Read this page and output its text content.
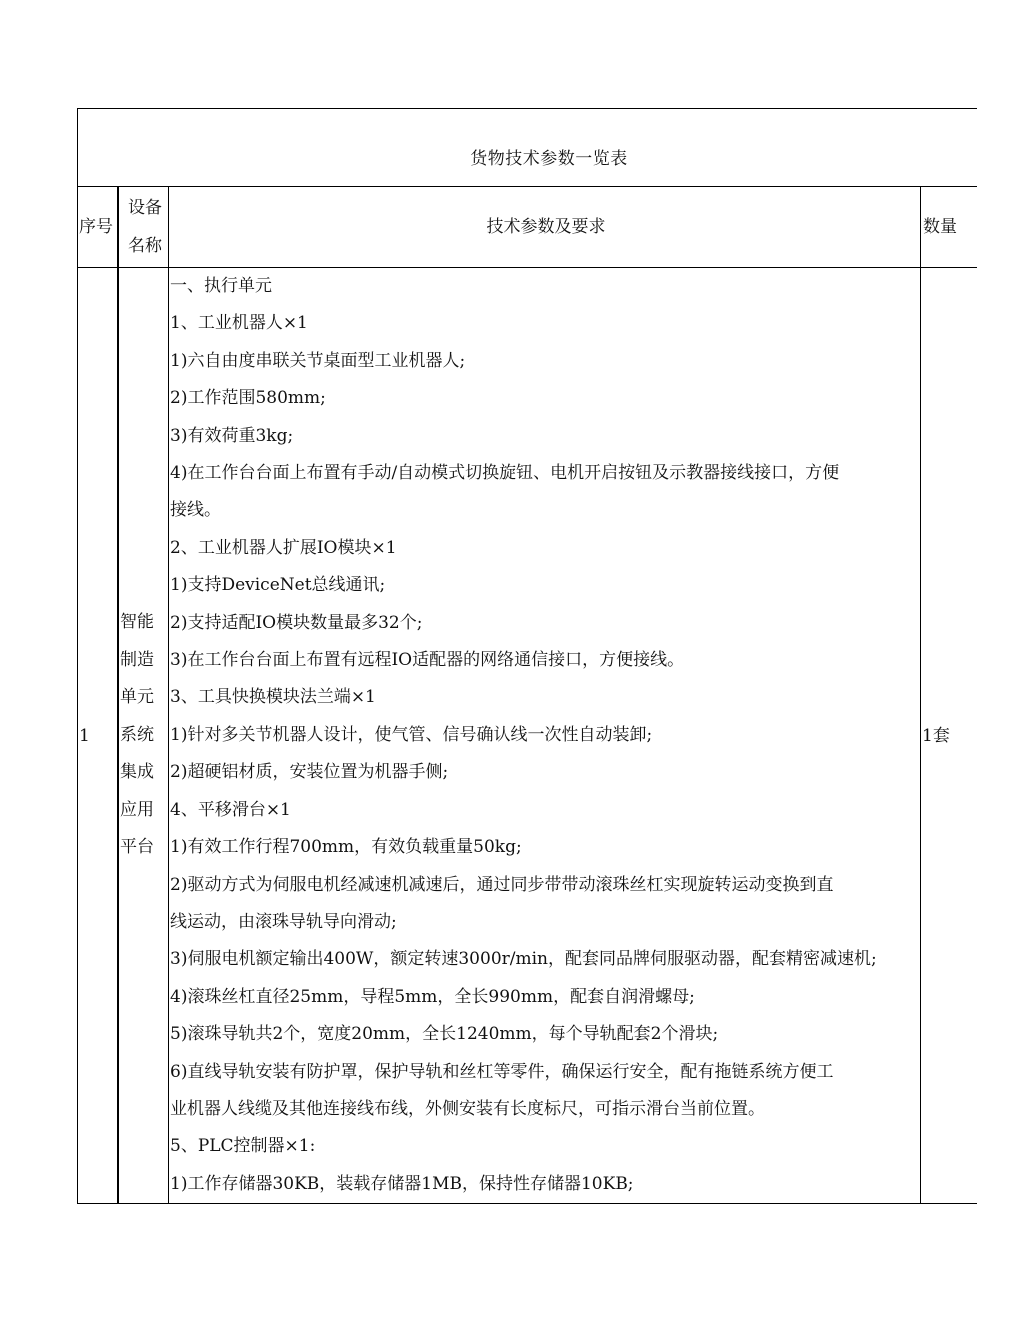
货物技术参数一览表
序号
设备
名称
技术参数及要求	数量
1
智能
制造
单元
系统
集成
应用
平台
一、执行单元
1、工业机器人×1
1)六自由度串联关节桌面型工业机器人;
2)工作范围580mm;
3)有效荷重3kg;
4)在工作台台面上布置有手动/自动模式切换旋钮、电机开启按钮及示教器接线接口，方便
接线。
2、工业机器人扩展IO模块×1
1)支持DeviceNet总线通讯;
2)支持适配IO模块数量最多32个;
3)在工作台台面上布置有远程IO适配器的网络通信接口，方便接线。
3、工具快换模块法兰端×1
1)针对多关节机器人设计，使气管、信号确认线一次性自动装卸;
2)超硬铝材质，安装位置为机器手侧;
4、平移滑台×1
1)有效工作行程700mm，有效负载重量50kg;
2)驱动方式为伺服电机经减速机减速后，通过同步带带动滚珠丝杠实现旋转运动变换到直
线运动，由滚珠导轨导向滑动;
3)伺服电机额定输出400W，额定转速3000r/min，配套同品牌伺服驱动器，配套精密减速机;
4)滚珠丝杠直径25mm，导程5mm，全长990mm，配套自润滑螺母;
5)滚珠导轨共2个，宽度20mm，全长1240mm，每个导轨配套2个滑块;
6)直线导轨安装有防护罩，保护导轨和丝杠等零件，确保运行安全，配有拖链系统方便工
业机器人线缆及其他连接线布线，外侧安装有长度标尺，可指示滑台当前位置。
5、PLC控制器×1:
1)工作存储器30KB，装载存储器1MB，保持性存储器10KB;
1套
